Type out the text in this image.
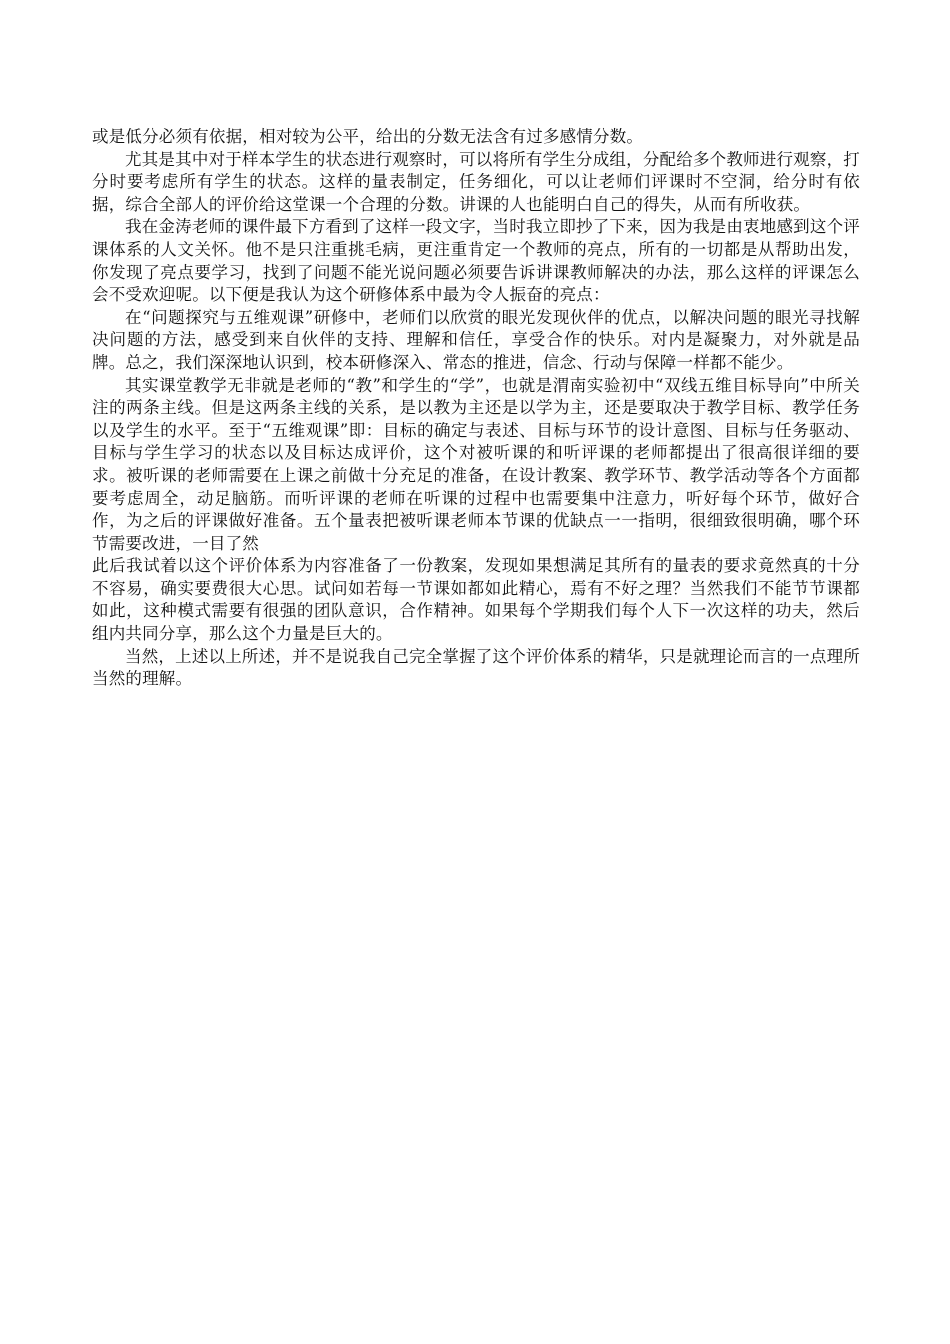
或是低分必须有依据，相对较为公平，给出的分数无法含有过多感情分数。

尤其是其中对于样本学生的状态进行观察时，可以将所有学生分成组，分配给多个教师进行观察，打分时要考虑所有学生的状态。这样的量表制定，任务细化，可以让老师们评课时不空洞，给分时有依据，综合全部人的评价给这堂课一个合理的分数。讲课的人也能明白自己的得失，从而有所收获。

我在金涛老师的课件最下方看到了这样一段文字，当时我立即抄了下来，因为我是由衷地感到这个评课体系的人文关怀。他不是只注重挑毛病，更注重肯定一个教师的亮点，所有的一切都是从帮助出发，你发现了亮点要学习，找到了问题不能光说问题必须要告诉讲课教师解决的办法，那么这样的评课怎么会不受欢迎呢。以下便是我认为这个研修体系中最为令人振奋的亮点：

在“问题探究与五维观课”研修中，老师们以欣赏的眼光发现伙伴的优点，以解决问题的眼光寻找解决问题的方法，感受到来自伙伴的支持、理解和信任，享受合作的快乐。对内是凝聚力，对外就是品牌。总之，我们深深地认识到，校本研修深入、常态的推进，信念、行动与保障一样都不能少。

其实课堂教学无非就是老师的“教”和学生的“学”，也就是渭南实验初中“双线五维目标导向”中所关注的两条主线。但是这两条主线的关系，是以教为主还是以学为主，还是要取决于教学目标、教学任务以及学生的水平。至于“五维观课”即：目标的确定与表述、目标与环节的设计意图、目标与任务驱动、目标与学生学习的状态以及目标达成评价，这个对被听课的和听评课的老师都提出了很高很详细的要求。被听课的老师需要在上课之前做十分充足的准备，在设计教案、教学环节、教学活动等各个方面都要考虑周全，动足脑筋。而听评课的老师在听课的过程中也需要集中注意力，听好每个环节，做好合作，为之后的评课做好准备。五个量表把被听课老师本节课的优缺点一一指明，很细致很明确，哪个环节需要改进，一目了然

此后我试着以这个评价体系为内容准备了一份教案，发现如果想满足其所有的量表的要求竟然真的十分不容易，确实要费很大心思。试问如若每一节课如都如此精心，焉有不好之理？当然我们不能节节课都如此，这种模式需要有很强的团队意识，合作精神。如果每个学期我们每个人下一次这样的功夫，然后组内共同分享，那么这个力量是巨大的。

当然，上述以上所述，并不是说我自己完全掌握了这个评价体系的精华，只是就理论而言的一点理所当然的理解。
